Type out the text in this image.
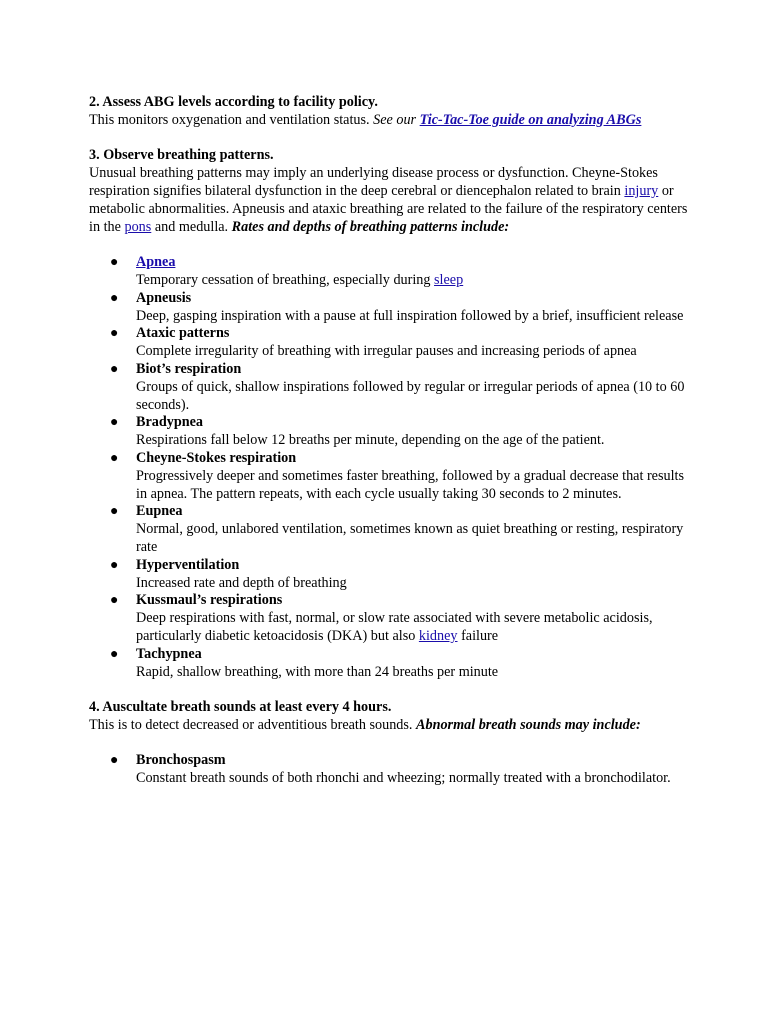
2. Assess ABG levels according to facility policy.

This monitors oxygenation and ventilation status. See our Tic-Tac-Toe guide on analyzing ABGs

3. Observe breathing patterns.

Unusual breathing patterns may imply an underlying disease process or dysfunction. Cheyne-Stokes respiration signifies bilateral dysfunction in the deep cerebral or diencephalon related to brain injury or metabolic abnormalities. Apneusis and ataxic breathing are related to the failure of the respiratory centers in the pons and medulla. Rates and depths of breathing patterns include:

● Apnea
Temporary cessation of breathing, especially during sleep
● Apneusis
Deep, gasping inspiration with a pause at full inspiration followed by a brief, insufficient release
● Ataxic patterns
Complete irregularity of breathing with irregular pauses and increasing periods of apnea
● Biot’s respiration
Groups of quick, shallow inspirations followed by regular or irregular periods of apnea (10 to 60 seconds).
● Bradypnea
Respirations fall below 12 breaths per minute, depending on the age of the patient.
● Cheyne-Stokes respiration
Progressively deeper and sometimes faster breathing, followed by a gradual decrease that results in apnea. The pattern repeats, with each cycle usually taking 30 seconds to 2 minutes.
● Eupnea
Normal, good, unlabored ventilation, sometimes known as quiet breathing or resting, respiratory rate
● Hyperventilation
Increased rate and depth of breathing
● Kussmaul’s respirations
Deep respirations with fast, normal, or slow rate associated with severe metabolic acidosis, particularly diabetic ketoacidosis (DKA) but also kidney failure
● Tachypnea
Rapid, shallow breathing, with more than 24 breaths per minute

4. Auscultate breath sounds at least every 4 hours.

This is to detect decreased or adventitious breath sounds. Abnormal breath sounds may include:

● Bronchospasm
Constant breath sounds of both rhonchi and wheezing; normally treated with a bronchodilator.
